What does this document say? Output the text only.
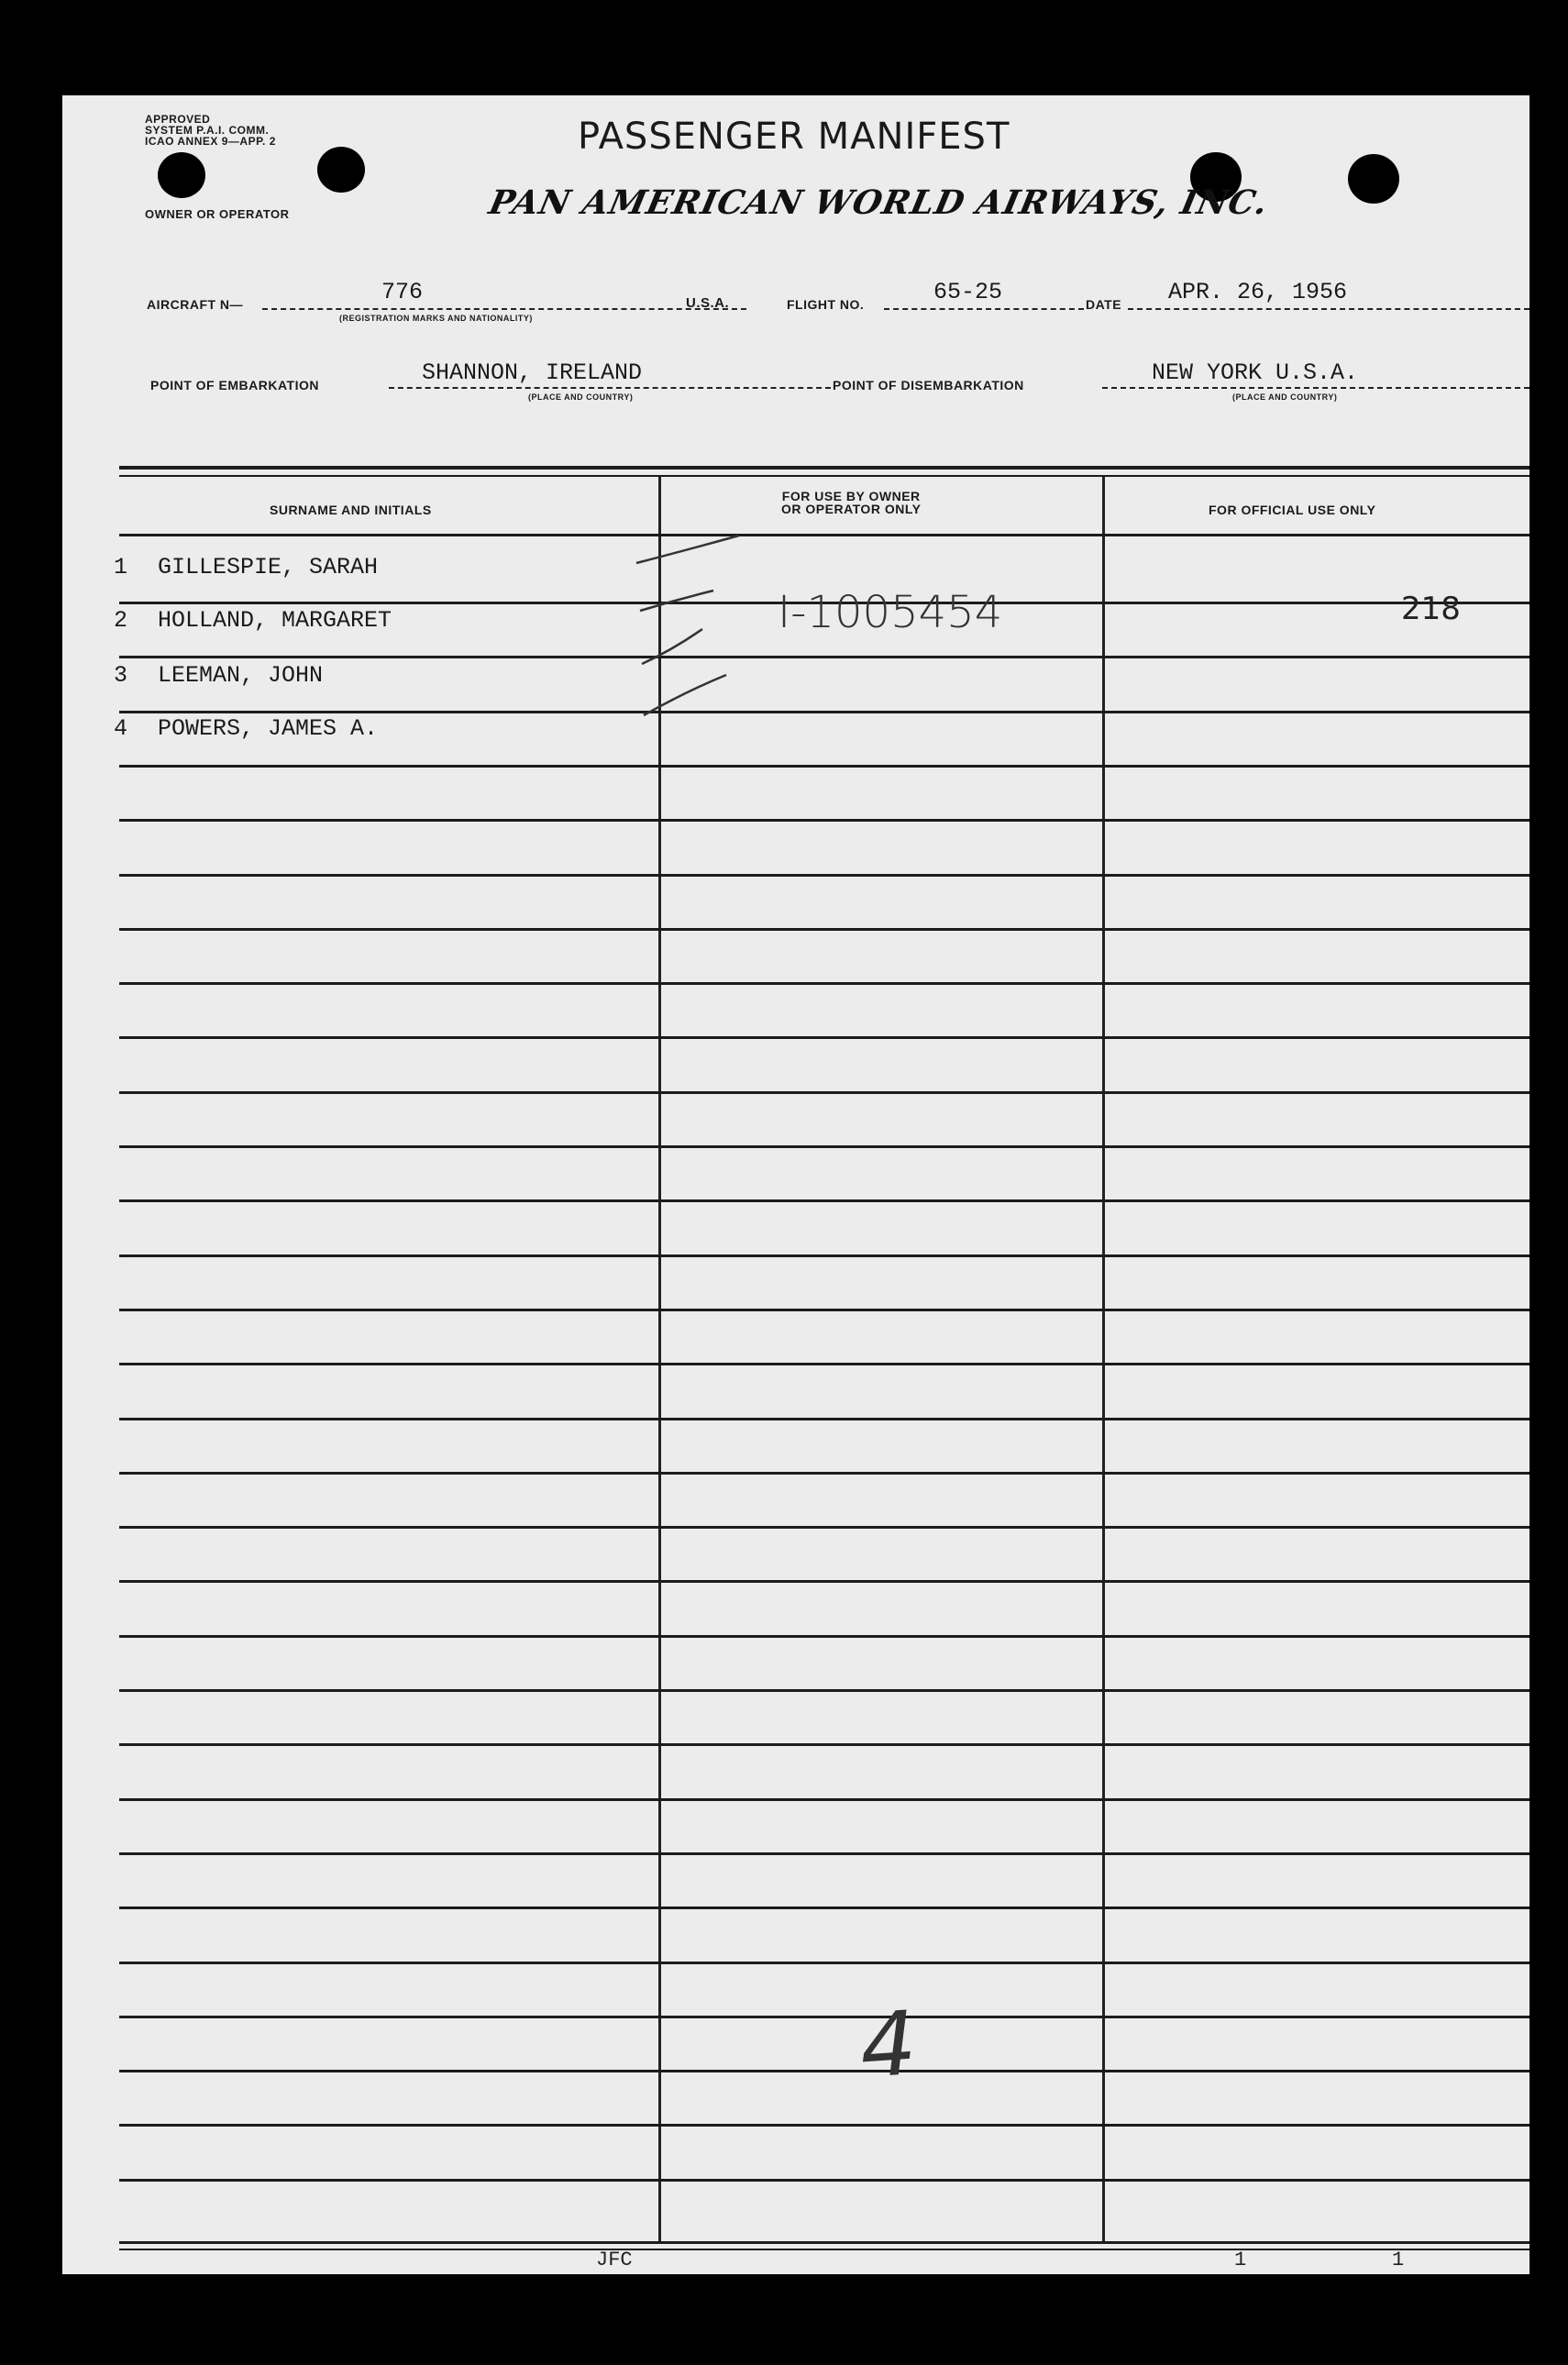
APPROVED
SYSTEM P.A.I. COMM.
ICAO ANNEX 9—APP. 2
OWNER OR OPERATOR
PASSENGER MANIFEST
PAN AMERICAN WORLD AIRWAYS, INC.
AIRCRAFT N—	776
(REGISTRATION MARKS AND NATIONALITY)
U.S.A.	FLIGHT NO.	65-25	DATE APR. 26, 1956
POINT OF EMBARKATION	SHANNON, IRELAND
(PLACE AND COUNTRY)
POINT OF DISEMBARKATION	NEW YORK U.S.A.
(PLACE AND COUNTRY)
SURNAME AND INITIALS
FOR USE BY OWNER
OR OPERATOR ONLY	FOR OFFICIAL USE ONLY
1 GILLESPIE, SARAH
2 HOLLAND, MARGARET	I-1005454	218
3 LEEMAN, JOHN
4 POWERS, JAMES A.
4
JFC	1	1
